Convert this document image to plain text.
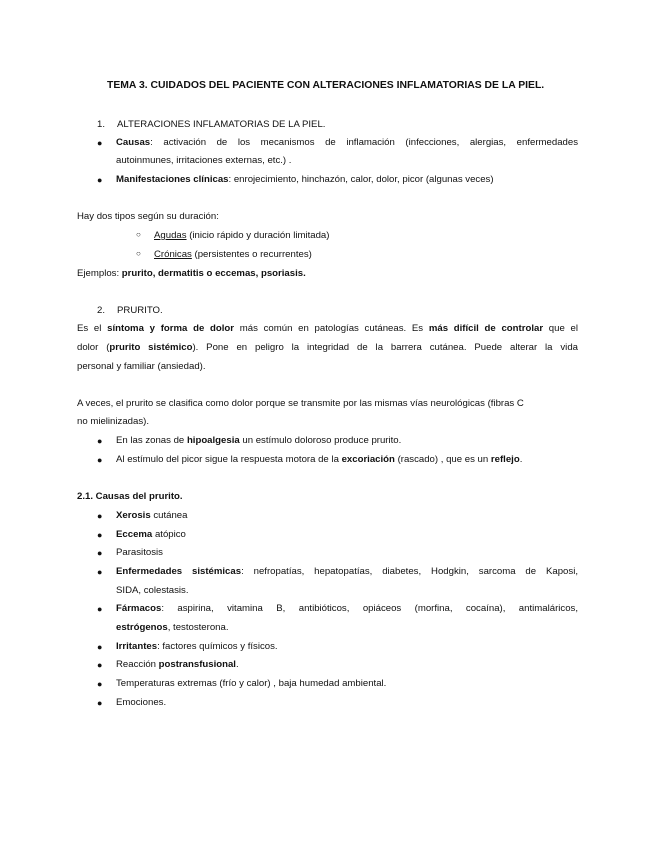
TEMA 3. CUIDADOS DEL PACIENTE CON ALTERACIONES INFLAMATORIAS DE LA PIEL.
1. ALTERACIONES INFLAMATORIAS DE LA PIEL.
● Causas: activación de los mecanismos de inflamación (infecciones, alergias, enfermedades
autoinmunes, irritaciones externas, etc.) .
● Manifestaciones clínicas: enrojecimiento, hinchazón, calor, dolor, picor (algunas veces)
Hay dos tipos según su duración:
○ Agudas (inicio rápido y duración limitada)
○ Crónicas (persistentes o recurrentes)
Ejemplos: prurito, dermatitis o eccemas, psoriasis.
2. PRURITO.
Es el síntoma y forma de dolor más común en patologías cutáneas. Es más difícil de controlar que el
dolor (prurito sistémico). Pone en peligro la integridad de la barrera cutánea. Puede alterar la vida
personal y familiar (ansiedad).
A veces, el prurito se clasifica como dolor porque se transmite por las mismas vías neurológicas (fibras C
no mielinizadas).
● En las zonas de hipoalgesia un estímulo doloroso produce prurito.
● Al estímulo del picor sigue la respuesta motora de la excoriación (rascado) , que es un reflejo.
2.1. Causas del prurito.
● Xerosis cutánea
● Eccema atópico
● Parasitosis
● Enfermedades sistémicas: nefropatías, hepatopatías, diabetes, Hodgkin, sarcoma de Kaposi,
SIDA, colestasis.
● Fármacos: aspirina, vitamina B, antibióticos, opiáceos (morfina, cocaína), antimaláricos,
estrógenos, testosterona.
● Irritantes: factores químicos y físicos.
● Reacción postransfusional.
● Temperaturas extremas (frío y calor) , baja humedad ambiental.
● Emociones.
